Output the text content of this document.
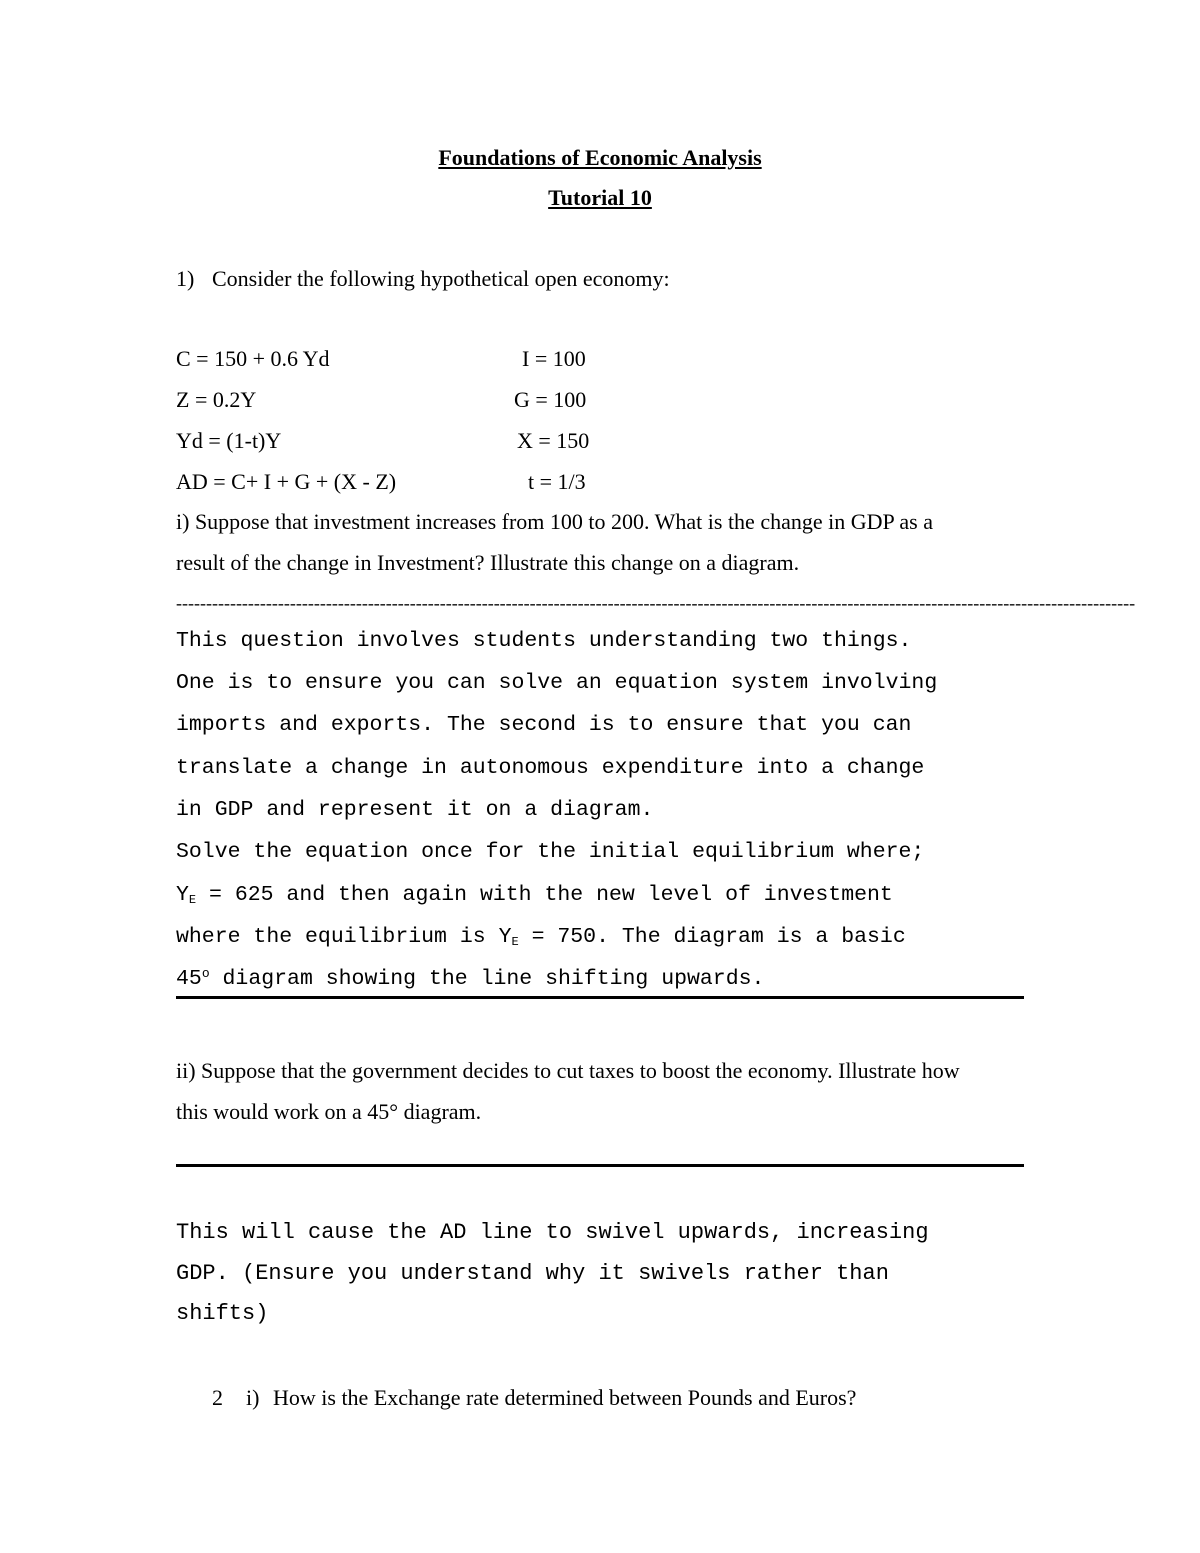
Foundations of Economic Analysis
Tutorial 10
1) Consider the following hypothetical open economy:
C = 150 + 0.6 Yd	I = 100
Z = 0.2Y	G = 100
Yd = (1-t)Y	X = 150
AD = C+ I + G + (X - Z)	t = 1/3
i) Suppose that investment increases from 100 to 200. What is the change in GDP as a
result of the change in Investment? Illustrate this change on a diagram.
----------------------------------------------------------------------------------------------------------------------------------------------------------------
This question involves students understanding two things.
One is to ensure you can solve an equation system involving
imports and exports. The second is to ensure that you can
translate a change in autonomous expenditure into a change
in GDP and represent it on a diagram.
Solve the equation once for the initial equilibrium where;
$Y_E = 625$ and then again with the new level of investment
where the equilibrium is $Y_E = 750$. The diagram is a basic
45$^o$ diagram showing the line shifting upwards.
ii) Suppose that the government decides to cut taxes to boost the economy. Illustrate how
this would work on a 45° diagram.
This will cause the AD line to swivel upwards, increasing
GDP. (Ensure you understand why it swivels rather than
shifts)
2 i) How is the Exchange rate determined between Pounds and Euros?
